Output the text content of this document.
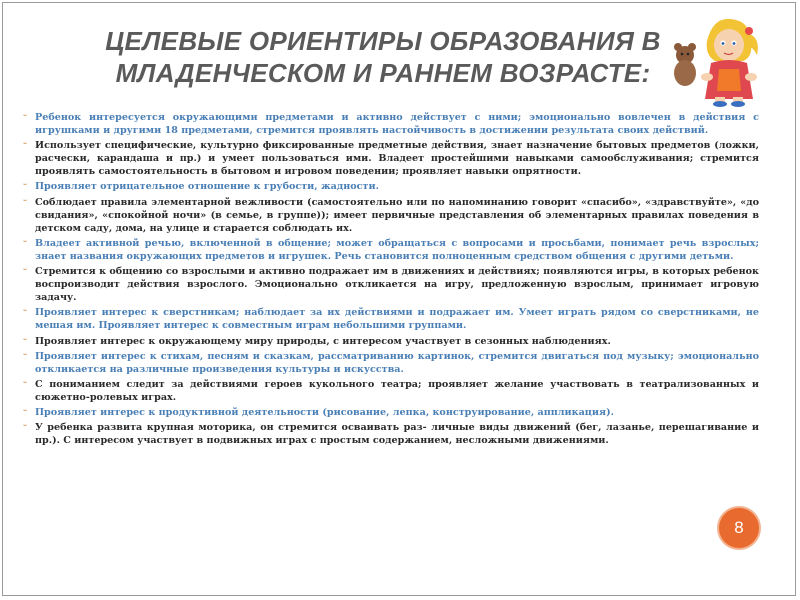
ЦЕЛЕВЫЕ ОРИЕНТИРЫ ОБРАЗОВАНИЯ В МЛАДЕНЧЕСКОМ И РАННЕМ ВОЗРАСТЕ:
ᵕ Ребенок интересуется окружающими предметами и активно действует с ними; эмоционально вовлечен в действия с игрушками и другими 18 предметами, стремится проявлять настойчивость в достижении результата своих действий.
ᵕ Использует специфические, культурно фиксированные предметные действия, знает назначение бытовых предметов (ложки, расчески, карандаша и пр.) и умеет пользоваться ими. Владеет простейшими навыками самообслуживания; стремится проявлять самостоятельность в бытовом и игровом поведении; проявляет навыки опрятности.
ᵕ Проявляет отрицательное отношение к грубости, жадности.
ᵕ Соблюдает правила элементарной вежливости (самостоятельно или по напоминанию говорит «спасибо», «здравствуйте», «до свидания», «спокойной ночи» (в семье, в группе)); имеет первичные представления об элементарных правилах поведения в детском саду, дома, на улице и старается соблюдать их.
ᵕ Владеет активной речью, включенной в общение; может обращаться с вопросами и просьбами, понимает речь взрослых; знает названия окружающих предметов и игрушек. Речь становится полноценным средством общения с другими детьми.
ᵕ Стремится к общению со взрослыми и активно подражает им в движениях и действиях; появляются игры, в которых ребенок воспроизводит действия взрослого. Эмоционально откликается на игру, предложенную взрослым, принимает игровую задачу.
ᵕ Проявляет интерес к сверстникам; наблюдает за их действиями и подражает им. Умеет играть рядом со сверстниками, не мешая им. Проявляет интерес к совместным играм небольшими группами.
ᵕ Проявляет интерес к окружающему миру природы, с интересом участвует в сезонных наблюдениях.
ᵕ Проявляет интерес к стихам, песням и сказкам, рассматриванию картинок, стремится двигаться под музыку; эмоционально откликается на различные произведения культуры и искусства.
ᵕ С пониманием следит за действиями героев кукольного театра; проявляет желание участвовать в театрализованных и сюжетно-ролевых играх.
ᵕ Проявляет интерес к продуктивной деятельности (рисование, лепка, конструирование, аппликация).
ᵕ У ребенка развита крупная моторика, он стремится осваивать раз- личные виды движений (бег, лазанье, перешагивание и пр.). С интересом участвует в подвижных играх с простым содержанием, несложными движениями.
8
